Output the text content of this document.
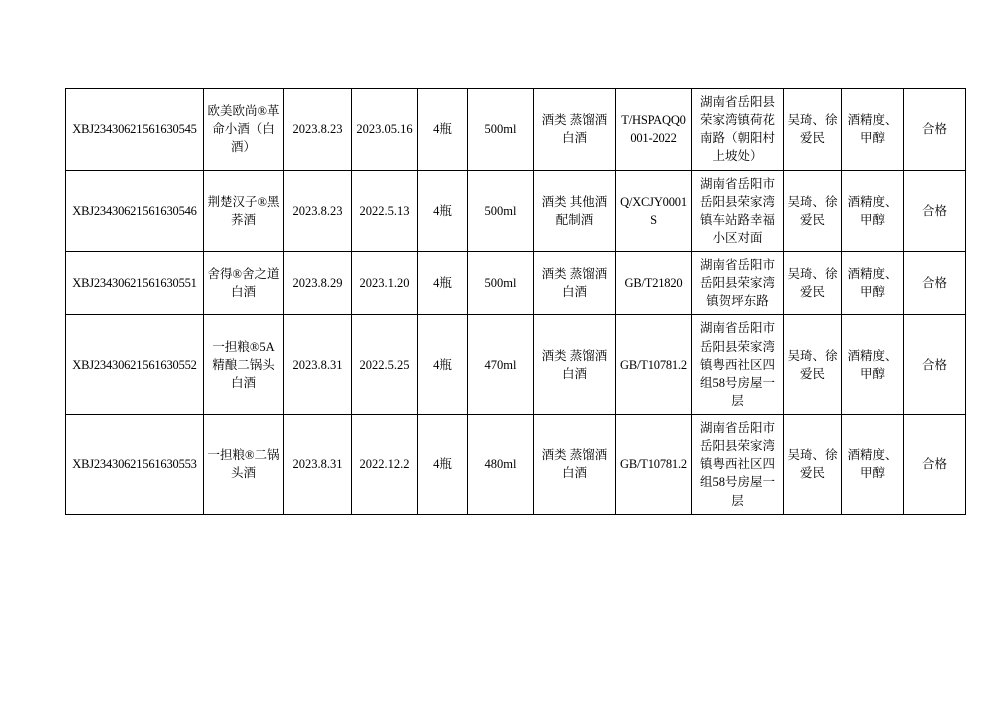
XBJ23430621561630545	欧美欧尚®革命小酒（白酒）	2023.8.23	2023.05.16	4瓶	500ml	酒类 蒸馏酒 白酒	T/HSPAQQ0001-2022	湖南省岳阳县荣家湾镇荷花南路（朝阳村上坡处）	吴琦、徐爱民	酒精度、甲醇	合格
XBJ23430621561630546	荆楚汉子®黑荞酒	2023.8.23	2022.5.13	4瓶	500ml	酒类 其他酒 配制酒	Q/XCJY0001S	湖南省岳阳市岳阳县荣家湾镇车站路幸福小区对面	吴琦、徐爱民	酒精度、甲醇	合格
XBJ23430621561630551	舍得®舍之道白酒	2023.8.29	2023.1.20	4瓶	500ml	酒类 蒸馏酒 白酒	GB/T21820	湖南省岳阳市岳阳县荣家湾镇贺坪东路	吴琦、徐爱民	酒精度、甲醇	合格
XBJ23430621561630552	一担粮®5A精酿二锅头白酒	2023.8.31	2022.5.25	4瓶	470ml	酒类 蒸馏酒 白酒	GB/T10781.2	湖南省岳阳市岳阳县荣家湾镇粤西社区四组58号房屋一层	吴琦、徐爱民	酒精度、甲醇	合格
XBJ23430621561630553	一担粮®二锅头酒	2023.8.31	2022.12.2	4瓶	480ml	酒类 蒸馏酒 白酒	GB/T10781.2	湖南省岳阳市岳阳县荣家湾镇粤西社区四组58号房屋一层	吴琦、徐爱民	酒精度、甲醇	合格
